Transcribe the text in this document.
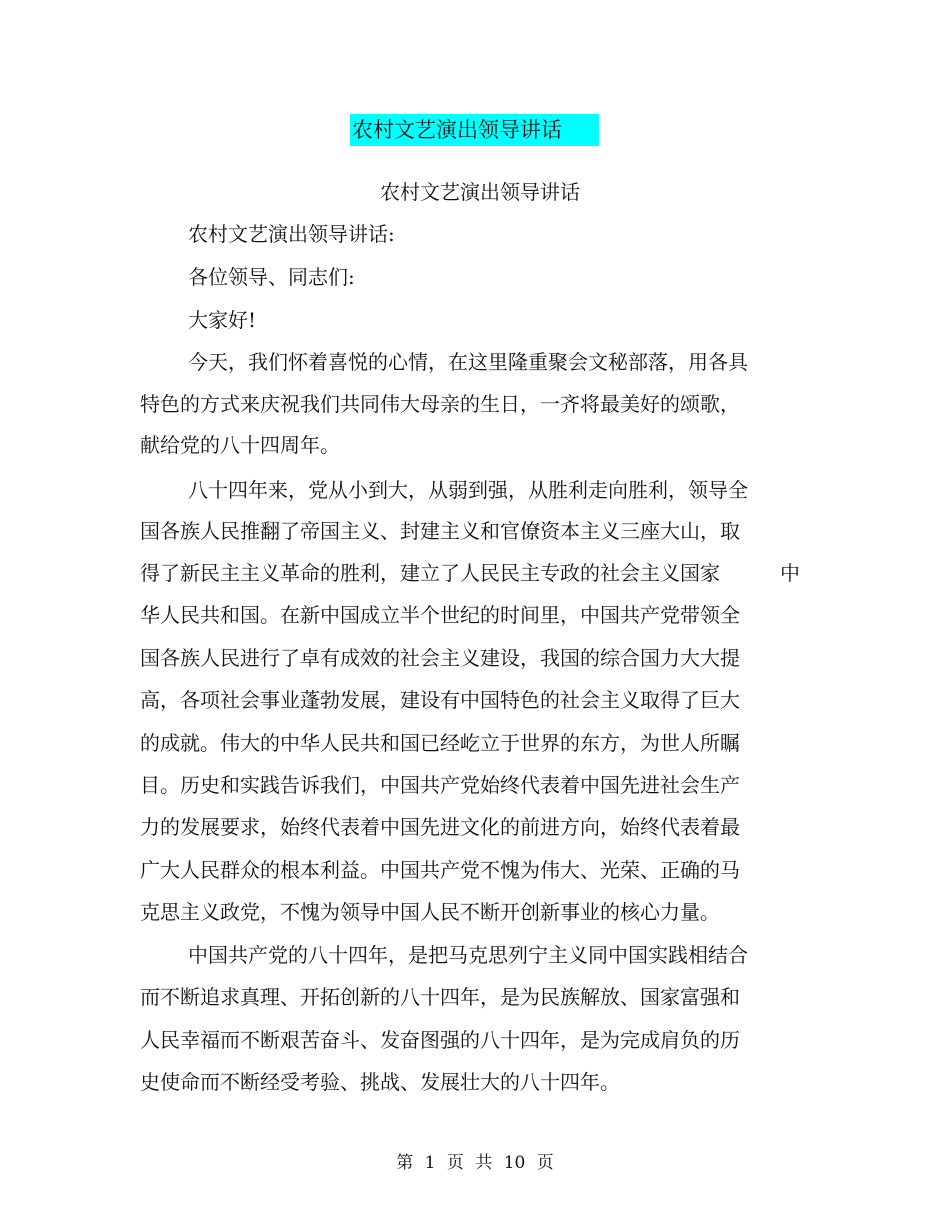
农村文艺演出领导讲话
农村文艺演出领导讲话
农村文艺演出领导讲话:
各位领导、同志们:
大家好!
今天，我们怀着喜悦的心情，在这里隆重聚会文秘部落，用各具
特色的方式来庆祝我们共同伟大母亲的生日，一齐将最美好的颂歌，
献给党的八十四周年。
八十四年来，党从小到大，从弱到强，从胜利走向胜利，领导全
国各族人民推翻了帝国主义、封建主义和官僚资本主义三座大山，取
得了新民主主义革命的胜利，建立了人民民主专政的社会主义国家	中
华人民共和国。在新中国成立半个世纪的时间里，中国共产党带领全
国各族人民进行了卓有成效的社会主义建设，我国的综合国力大大提
高，各项社会事业蓬勃发展，建设有中国特色的社会主义取得了巨大
的成就。伟大的中华人民共和国已经屹立于世界的东方，为世人所瞩
目。历史和实践告诉我们，中国共产党始终代表着中国先进社会生产
力的发展要求，始终代表着中国先进文化的前进方向，始终代表着最
广大人民群众的根本利益。中国共产党不愧为伟大、光荣、正确的马
克思主义政党，不愧为领导中国人民不断开创新事业的核心力量。
中国共产党的八十四年，是把马克思列宁主义同中国实践相结合
而不断追求真理、开拓创新的八十四年，是为民族解放、国家富强和
人民幸福而不断艰苦奋斗、发奋图强的八十四年，是为完成肩负的历
史使命而不断经受考验、挑战、发展壮大的八十四年。
第 1 页 共 10 页
